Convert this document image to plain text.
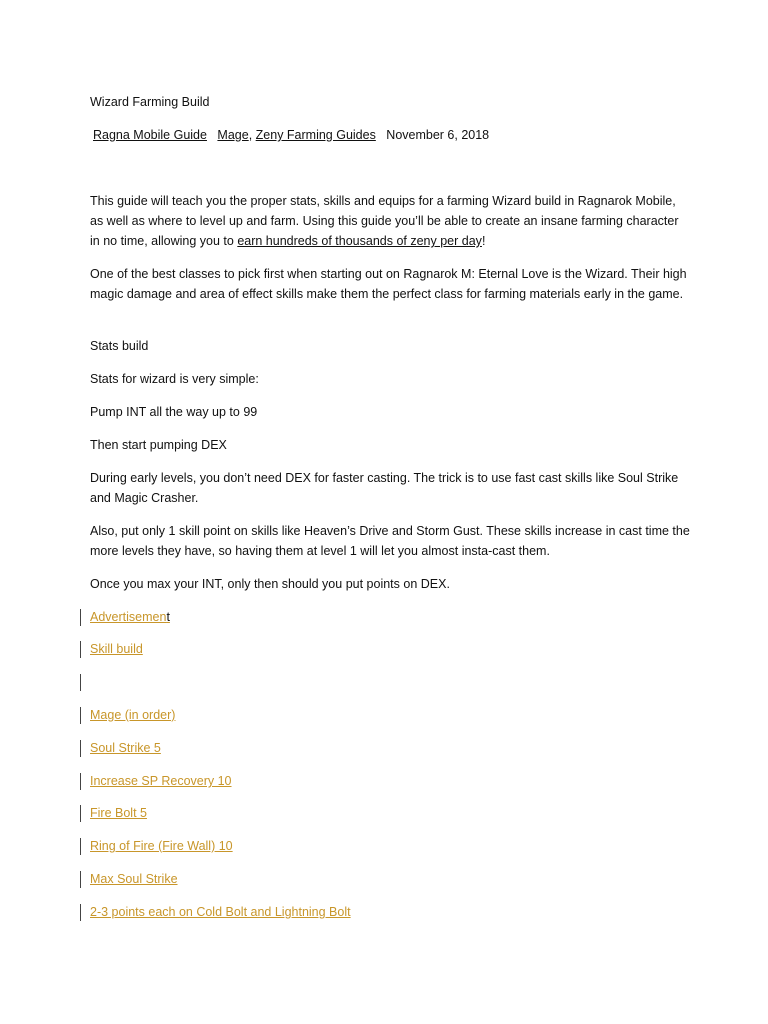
Wizard Farming Build
Ragna Mobile Guide Mage, Zeny Farming Guides November 6, 2018
This guide will teach you the proper stats, skills and equips for a farming Wizard build in Ragnarok Mobile, as well as where to level up and farm. Using this guide you’ll be able to create an insane farming character in no time, allowing you to earn hundreds of thousands of zeny per day!
One of the best classes to pick first when starting out on Ragnarok M: Eternal Love is the Wizard. Their high magic damage and area of effect skills make them the perfect class for farming materials early in the game.
Stats build
Stats for wizard is very simple:
Pump INT all the way up to 99
Then start pumping DEX
During early levels, you don’t need DEX for faster casting. The trick is to use fast cast skills like Soul Strike and Magic Crasher.
Also, put only 1 skill point on skills like Heaven’s Drive and Storm Gust. These skills increase in cast time the more levels they have, so having them at level 1 will let you almost insta-cast them.
Once you max your INT, only then should you put points on DEX.
Advertisement
Skill build
Mage (in order)
Soul Strike 5
Increase SP Recovery 10
Fire Bolt 5
Ring of Fire (Fire Wall) 10
Max Soul Strike
2-3 points each on Cold Bolt and Lightning Bolt
